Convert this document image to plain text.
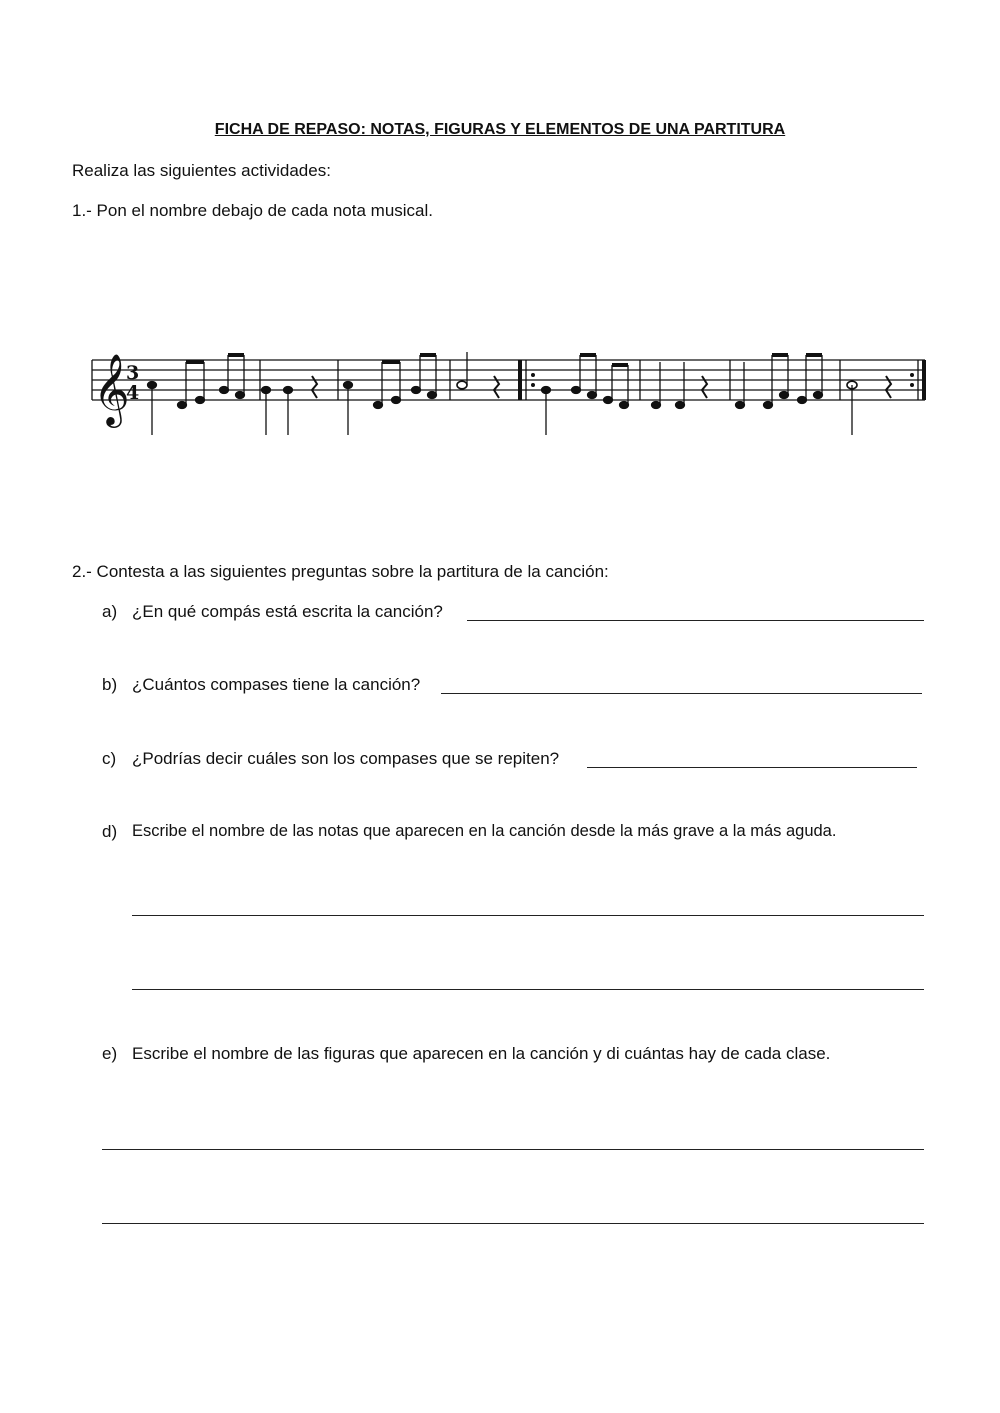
FICHA DE REPASO: NOTAS, FIGURAS Y ELEMENTOS DE UNA PARTITURA
Realiza las siguientes actividades:
1.- Pon el nombre debajo de cada nota musical.
𝄞
3
4
2.- Contesta a las siguientes preguntas sobre la partitura de la canción:
a) ¿En qué compás está escrita la canción?
b) ¿Cuántos compases tiene la canción?
c) ¿Podrías decir cuáles son los compases que se repiten?
d) Escribe el nombre de las notas que aparecen en la canción desde la más grave a la más aguda.
e) Escribe el nombre de las figuras que aparecen en la canción y di cuántas hay de cada clase.
